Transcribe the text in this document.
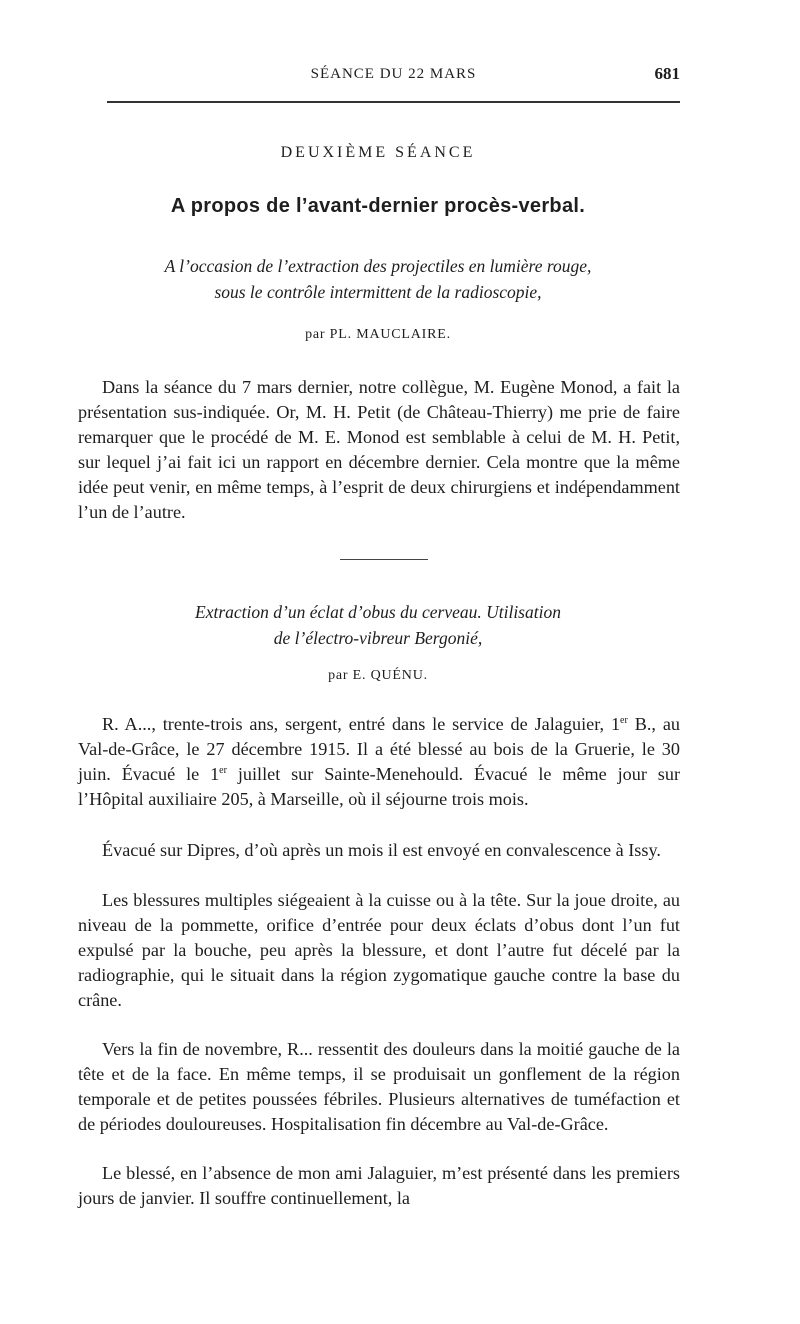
SÉANCE DU 22 MARS	681
DEUXIÈME SÉANCE
A propos de l’avant-dernier procès-verbal.
A l’occasion de l’extraction des projectiles en lumière rouge,
sous le contrôle intermittent de la radioscopie,
par PL. MAUCLAIRE.

Dans la séance du 7 mars dernier, notre collègue, M. Eugène Monod, a fait la présentation sus-indiquée. Or, M. H. Petit (de Château-Thierry) me prie de faire remarquer que le procédé de M. E. Monod est semblable à celui de M. H. Petit, sur lequel j’ai fait ici un rapport en décembre dernier. Cela montre que la même idée peut venir, en même temps, à l’esprit de deux chirurgiens et indépendamment l’un de l’autre.

Extraction d’un éclat d’obus du cerveau. Utilisation
de l’électro-vibreur Bergonié,
par E. QUÉNU.

R. A..., trente-trois ans, sergent, entré dans le service de Jalaguier, 1er B., au Val-de-Grâce, le 27 décembre 1915. Il a été blessé au bois de la Gruerie, le 30 juin. Évacué le 1er juillet sur Sainte-Menehould. Évacué le même jour sur l’Hôpital auxiliaire 205, à Marseille, où il séjourne trois mois.

Évacué sur Dipres, d’où après un mois il est envoyé en convalescence à Issy.

Les blessures multiples siégeaient à la cuisse ou à la tête. Sur la joue droite, au niveau de la pommette, orifice d’entrée pour deux éclats d’obus dont l’un fut expulsé par la bouche, peu après la blessure, et dont l’autre fut décelé par la radiographie, qui le situait dans la région zygomatique gauche contre la base du crâne.

Vers la fin de novembre, R... ressentit des douleurs dans la moitié gauche de la tête et de la face. En même temps, il se produisait un gonflement de la région temporale et de petites poussées fébriles. Plusieurs alternatives de tuméfaction et de périodes douloureuses. Hospitalisation fin décembre au Val-de-Grâce.

Le blessé, en l’absence de mon ami Jalaguier, m’est présenté dans les premiers jours de janvier. Il souffre continuellement, la
